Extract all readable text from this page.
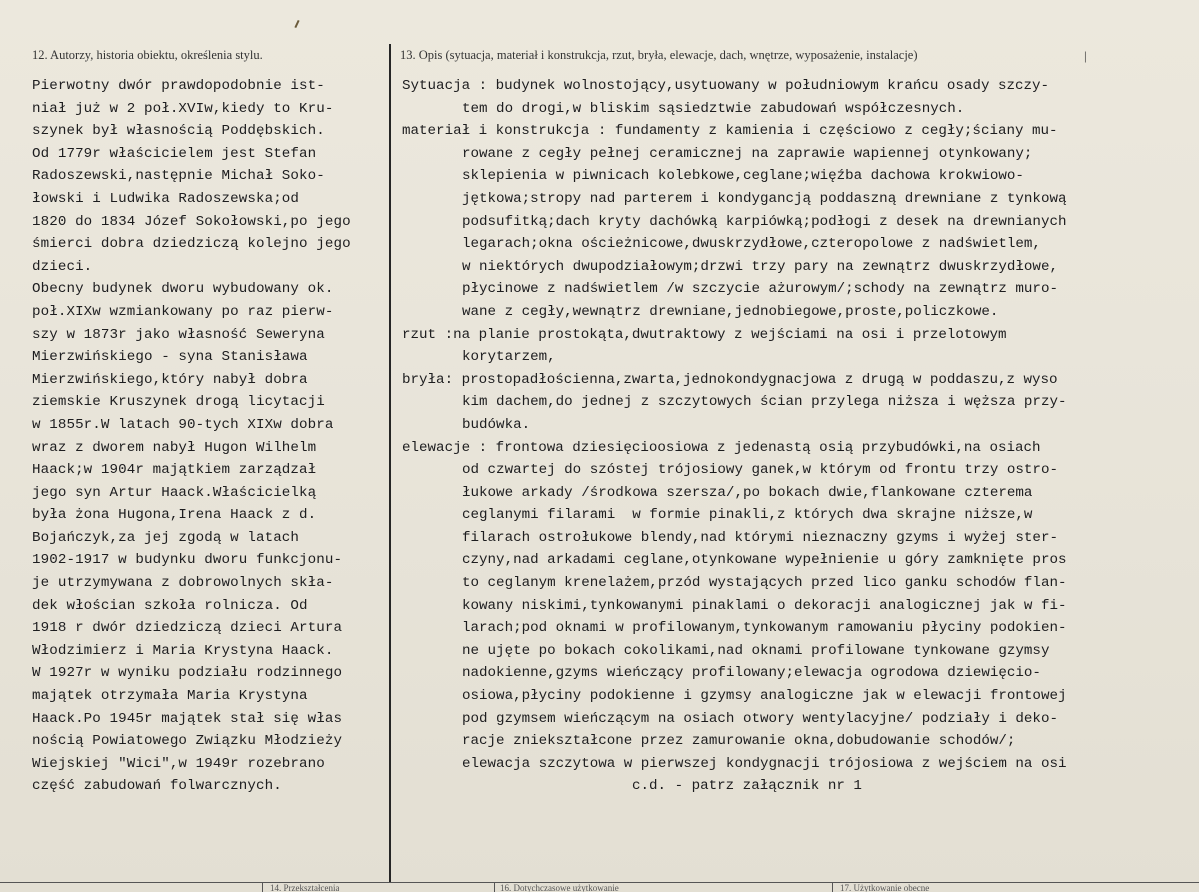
12. Autorzy, historia obiektu, określenia stylu.	13. Opis (sytuacja, materiał i konstrukcja, rzut, bryła, elewacje, dach, wnętrze, wyposażenie, instalacje)	|
Pierwotny dwór prawdopodobnie ist-
niał już w 2 poł.XVIw,kiedy to Kru-
szynek był własnością Poddębskich.
Od 1779r właścicielem jest Stefan
Radoszewski,następnie Michał Soko-
łowski i Ludwika Radoszewska;od
1820 do 1834 Józef Sokołowski,po jego
śmierci dobra dziedziczą kolejno jego
dzieci.
Obecny budynek dworu wybudowany ok.
poł.XIXw wzmiankowany po raz pierw-
szy w 1873r jako własność Seweryna
Mierzwińskiego - syna Stanisława
Mierzwińskiego,który nabył dobra
ziemskie Kruszynek drogą licytacji
w 1855r.W latach 90-tych XIXw dobra
wraz z dworem nabył Hugon Wilhelm
Haack;w 1904r majątkiem zarządzał
jego syn Artur Haack.Właścicielką
była żona Hugona,Irena Haack z d.
Bojańczyk,za jej zgodą w latach
1902-1917 w budynku dworu funkcjonu-
je utrzymywana z dobrowolnych skła-
dek włościan szkoła rolnicza. Od
1918 r dwór dziedziczą dzieci Artura
Włodzimierz i Maria Krystyna Haack.
W 1927r w wyniku podziału rodzinnego
majątek otrzymała Maria Krystyna
Haack.Po 1945r majątek stał się włas
nością Powiatowego Związku Młodzieży
Wiejskiej "Wici",w 1949r rozebrano
część zabudowań folwarcznych.
Sytuacja : budynek wolnostojący,usytuowany w południowym krańcu osady szczy-
tem do drogi,w bliskim sąsiedztwie zabudowań współczesnych.
materiał i konstrukcja : fundamenty z kamienia i częściowo z cegły;ściany mu-
rowane z cegły pełnej ceramicznej na zaprawie wapiennej otynkowany;
sklepienia w piwnicach kolebkowe,ceglane;więźba dachowa krokwiowo-
jętkowa;stropy nad parterem i kondygancją poddaszną drewniane z tynkową
podsufitką;dach kryty dachówką karpiówką;podłogi z desek na drewnianych
legarach;okna ościeżnicowe,dwuskrzydłowe,czteropolowe z nadświetlem,
w niektórych dwupodziałowym;drzwi trzy pary na zewnątrz dwuskrzydłowe,
płycinowe z nadświetlem /w szczycie ażurowym/;schody na zewnątrz muro-
wane z cegły,wewnątrz drewniane,jednobiegowe,proste,policzkowe.
rzut :na planie prostokąta,dwutraktowy z wejściami na osi i przelotowym
korytarzem,
bryła: prostopadłościenna,zwarta,jednokondygnacjowa z drugą w poddaszu,z wyso
kim dachem,do jednej z szczytowych ścian przylega niższa i węższa przy-
budówka.
elewacje : frontowa dziesięcioosiowa z jedenastą osią przybudówki,na osiach
od czwartej do szóstej trójosiowy ganek,w którym od frontu trzy ostro-
łukowe arkady /środkowa szersza/,po bokach dwie,flankowane czterema
ceglanymi filarami  w formie pinakli,z których dwa skrajne niższe,w
filarach ostrołukowe blendy,nad którymi nieznaczny gzyms i wyżej ster-
czyny,nad arkadami ceglane,otynkowane wypełnienie u góry zamknięte pros
to ceglanym krenelażem,przód wystających przed lico ganku schodów flan-
kowany niskimi,tynkowanymi pinaklami o dekoracji analogicznej jak w fi-
larach;pod oknami w profilowanym,tynkowanym ramowaniu płyciny podokien-
ne ujęte po bokach cokolikami,nad oknami profilowane tynkowane gzymsy
nadokienne,gzyms wieńczący profilowany;elewacja ogrodowa dziewięcio-
osiowa,płyciny podokienne i gzymsy analogiczne jak w elewacji frontowej
pod gzymsem wieńczącym na osiach otwory wentylacyjne/ podziały i deko-
racje zniekształcone przez zamurowanie okna,dobudowanie schodów/;
elewacja szczytowa w pierwszej kondygnacji trójosiowa z wejściem na osi
c.d. - patrz załącznik nr 1
14. Przekształcenia	16. Dotychczasowe użytkowanie	17. Użytkowanie obecne
